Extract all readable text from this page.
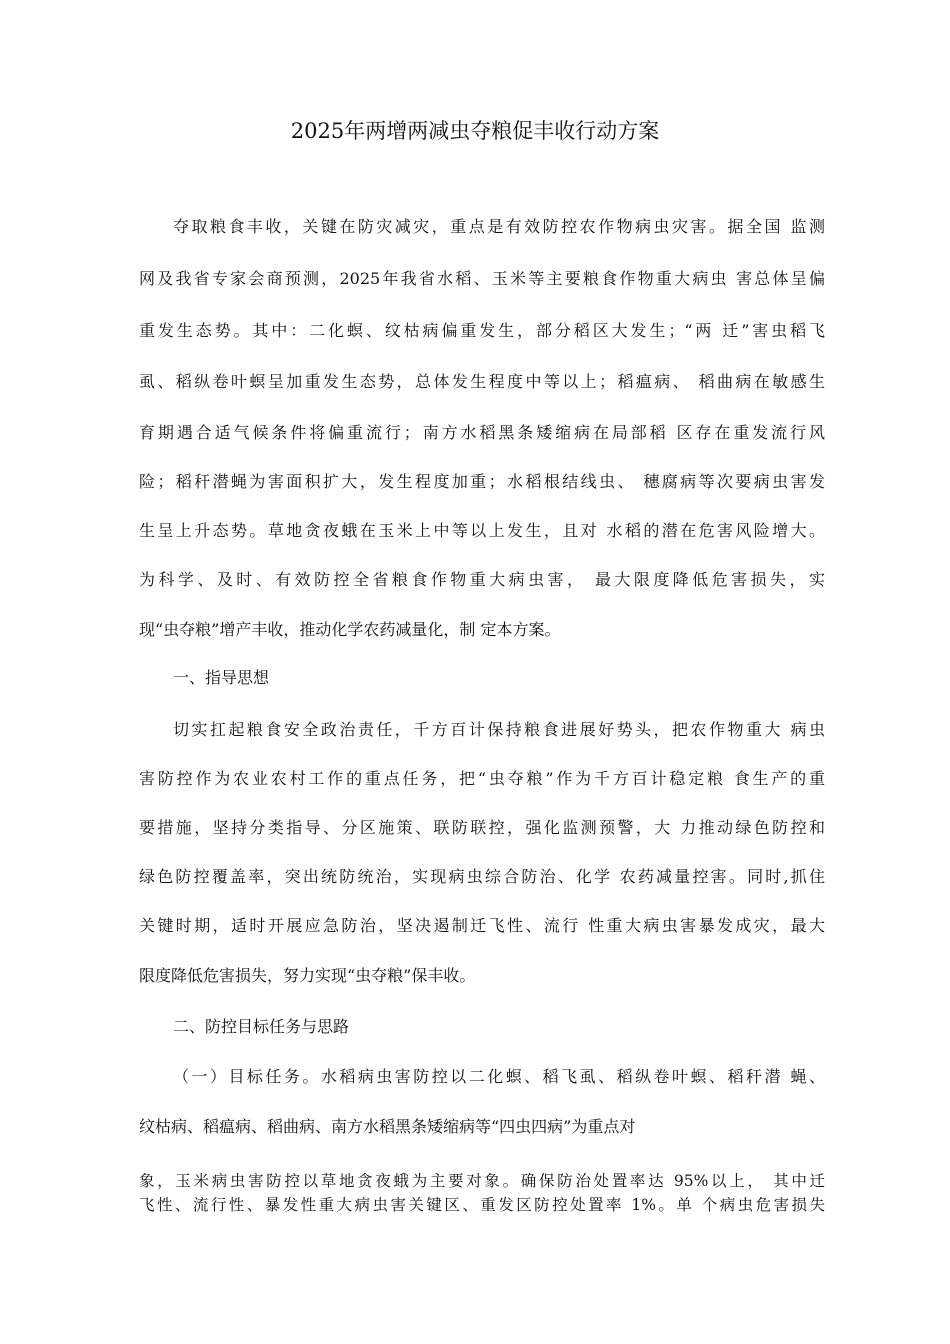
2025年两增两减虫夺粮促丰收行动方案
夺取粮食丰收，关键在防灾减灾，重点是有效防控农作物病虫灾害。据全国 监测
网及我省专家会商预测，2025年我省水稻、玉米等主要粮食作物重大病虫 害总体呈偏
重发生态势。其中：二化螟、纹枯病偏重发生，部分稻区大发生；“两 迁”害虫稻飞
虱、稻纵卷叶螟呈加重发生态势，总体发生程度中等以上；稻瘟病、 稻曲病在敏感生
育期遇合适气候条件将偏重流行；南方水稻黑条矮缩病在局部稻 区存在重发流行风
险；稻秆潜蝇为害面积扩大，发生程度加重；水稻根结线虫、 穗腐病等次要病虫害发
生呈上升态势。草地贪夜蛾在玉米上中等以上发生，且对 水稻的潜在危害风险增大。
为科学、及时、有效防控全省粮食作物重大病虫害， 最大限度降低危害损失，实
现“虫夺粮”增产丰收，推动化学农药减量化，制 定本方案。
一、指导思想
切实扛起粮食安全政治责任，千方百计保持粮食进展好势头，把农作物重大 病虫
害防控作为农业农村工作的重点任务，把“虫夺粮”作为千方百计稳定粮 食生产的重
要措施，坚持分类指导、分区施策、联防联控，强化监测预警，大 力推动绿色防控和
绿色防控覆盖率，突出统防统治，实现病虫综合防治、化学 农药减量控害。同时,抓住
关键时期，适时开展应急防治，坚决遏制迁飞性、流行 性重大病虫害暴发成灾，最大
限度降低危害损失，努力实现“虫夺粮”保丰收。
二、防控目标任务与思路
（一）目标任务。水稻病虫害防控以二化螟、稻飞虱、稻纵卷叶螟、稻秆潜 蝇、
纹枯病、稻瘟病、稻曲病、南方水稻黑条矮缩病等“四虫四病”为重点对
象，玉米病虫害防控以草地贪夜蛾为主要对象。确保防治处置率达 95%以上， 其中迁
飞性、流行性、暴发性重大病虫害关键区、重发区防控处置率 1%。单 个病虫危害损失
